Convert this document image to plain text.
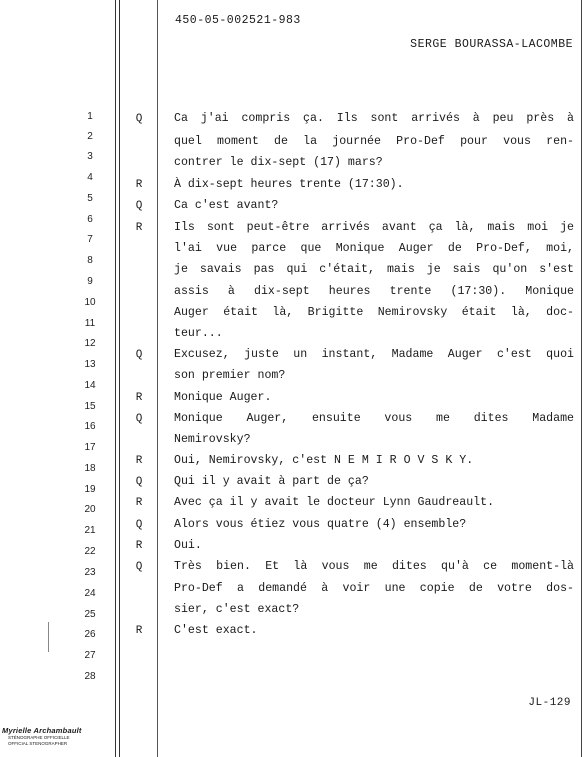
450-05-002521-983
SERGE BOURASSA-LACOMBE
1
2
3
4
5
6
7
8
9
10
11
12
13
14
15
16
17
18
19
20
21
22
23
24
25
26
27
28
Q	Ca j'ai compris ça. Ils sont arrivés à peu près à
quel moment de la journée Pro-Def pour vous ren-
contrer le dix-sept (17) mars?
R	À dix-sept heures trente (17:30).
Q	Ca c'est avant?
R	Ils sont peut-être arrivés avant ça là, mais moi je
l'ai vue parce que Monique Auger de Pro-Def, moi,
je savais pas qui c'était, mais je sais qu'on s'est
assis à dix-sept heures trente (17:30). Monique
Auger était là, Brigitte Nemirovsky était là, doc-
teur...
Q	Excusez, juste un instant, Madame Auger c'est quoi
son premier nom?
R	Monique Auger.
Q	Monique Auger, ensuite vous me dites Madame
Nemirovsky?
R	Oui, Nemirovsky, c'est N E M I R O V S K Y.
Q	Qui il y avait à part de ça?
R	Avec ça il y avait le docteur Lynn Gaudreault.
Q	Alors vous étiez vous quatre (4) ensemble?
R	Oui.
Q	Très bien. Et là vous me dites qu'à ce moment-là
Pro-Def a demandé à voir une copie de votre dos-
sier, c'est exact?
R	C'est exact.
JL-129
Myrielle Archambault
STÉNOGRAPHE OFFICIELLE
OFFICIAL STENOGRAPHER
